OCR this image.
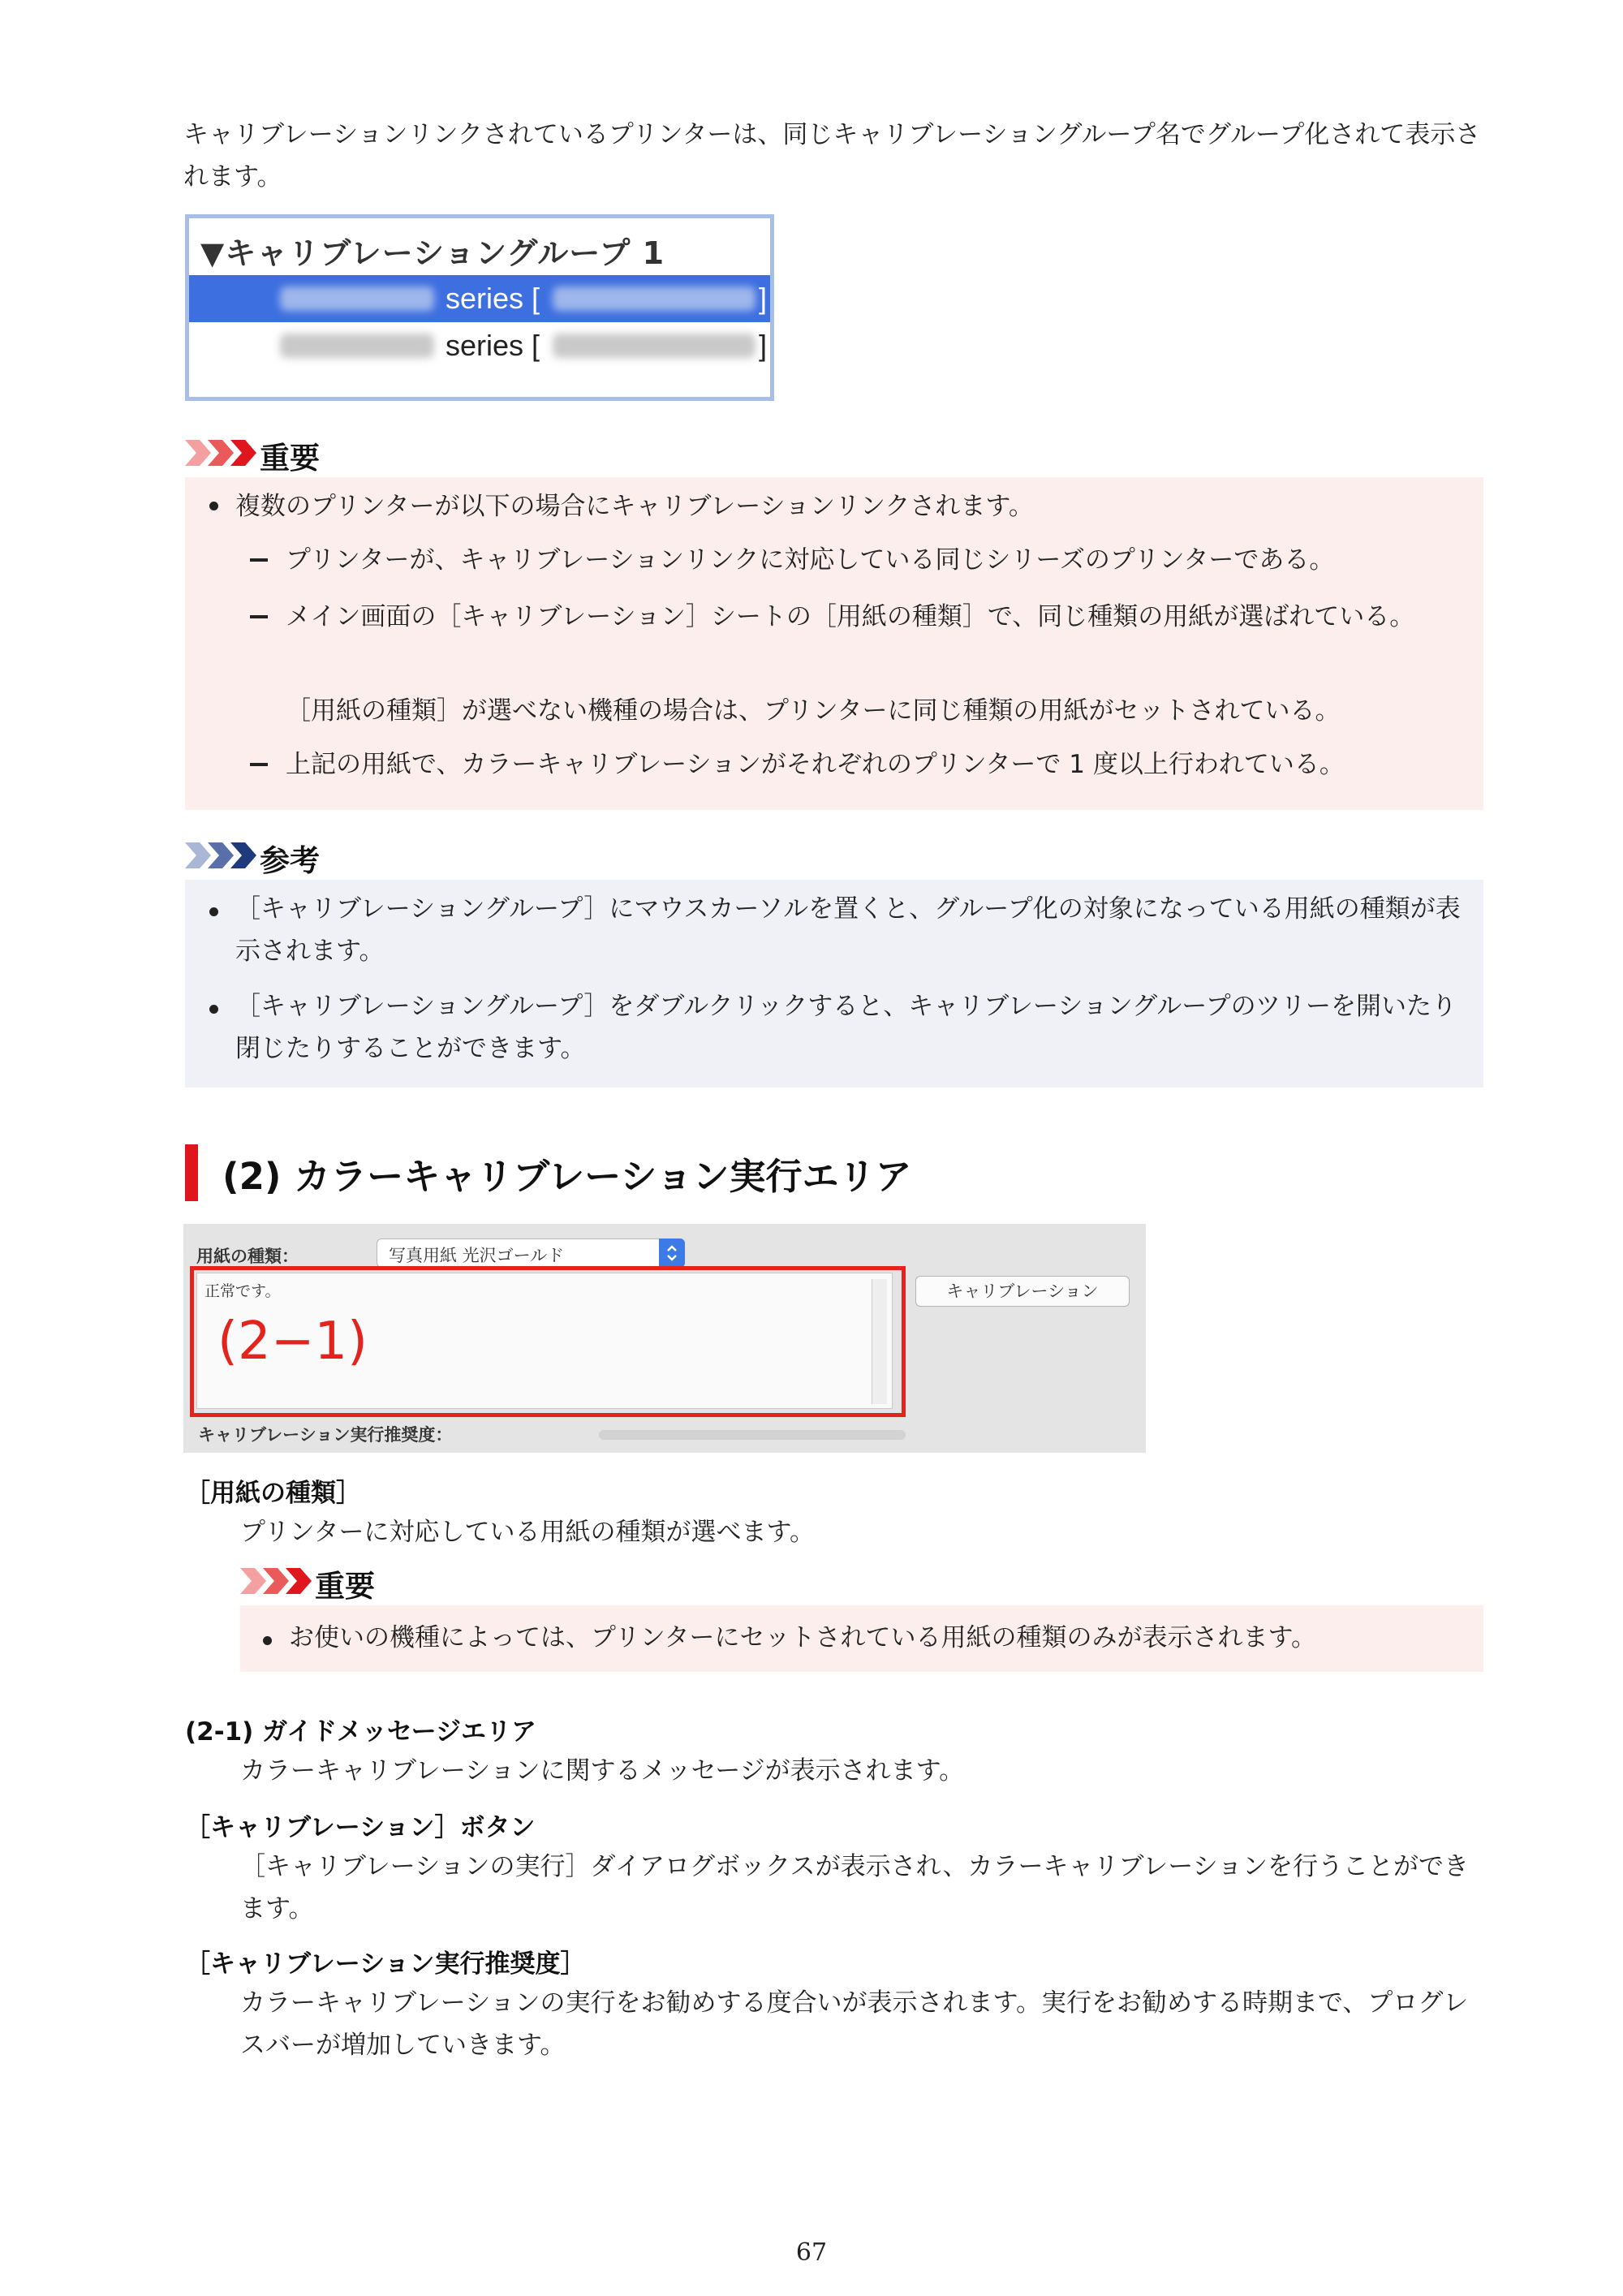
キャリブレーションリンクされているプリンターは、同じキャリブレーショングループ名でグループ化されて表示されます。
▼キャリブレーショングループ 1
series [	]
series [	]
重要
複数のプリンターが以下の場合にキャリブレーションリンクされます。
プリンターが、キャリブレーションリンクに対応している同じシリーズのプリンターである。
メイン画面の［キャリブレーション］シートの［用紙の種類］で、同じ種類の用紙が選ばれている。
［用紙の種類］が選べない機種の場合は、プリンターに同じ種類の用紙がセットされている。
上記の用紙で、カラーキャリブレーションがそれぞれのプリンターで 1 度以上行われている。
参考
［キャリブレーショングループ］にマウスカーソルを置くと、グループ化の対象になっている用紙の種類が表示されます。
［キャリブレーショングループ］をダブルクリックすると、キャリブレーショングループのツリーを開いたり閉じたりすることができます。
(2) カラーキャリブレーション実行エリア
用紙の種類：	写真用紙 光沢ゴールド
正常です。
(2−1)
キャリブレーション
キャリブレーション実行推奨度：
［用紙の種類］
プリンターに対応している用紙の種類が選べます。
重要
お使いの機種によっては、プリンターにセットされている用紙の種類のみが表示されます。
(2-1) ガイドメッセージエリア
カラーキャリブレーションに関するメッセージが表示されます。
［キャリブレーション］ボタン
［キャリブレーションの実行］ダイアログボックスが表示され、カラーキャリブレーションを行うことができます。
［キャリブレーション実行推奨度］
カラーキャリブレーションの実行をお勧めする度合いが表示されます。実行をお勧めする時期まで、プログレスバーが増加していきます。
67
